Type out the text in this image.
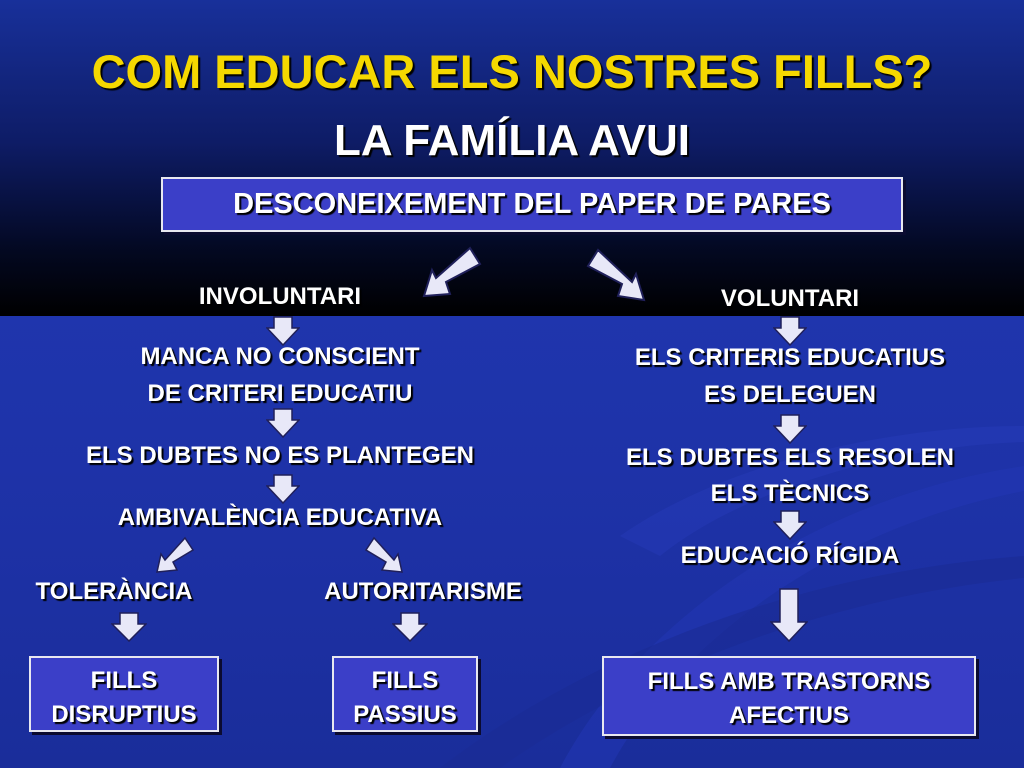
COM EDUCAR ELS NOSTRES FILLS?
LA FAMÍLIA AVUI
DESCONEIXEMENT DEL PAPER DE PARES
INVOLUNTARI
MANCA NO CONSCIENT
DE CRITERI EDUCATIU
ELS DUBTES NO ES PLANTEGEN
AMBIVALÈNCIA EDUCATIVA
TOLERÀNCIA	AUTORITARISME
FILLS
DISRUPTIUS
FILLS
PASSIUS
VOLUNTARI
ELS CRITERIS EDUCATIUS
ES DELEGUEN
ELS DUBTES ELS RESOLEN
ELS TÈCNICS
EDUCACIÓ RÍGIDA
FILLS AMB TRASTORNS
AFECTIUS
